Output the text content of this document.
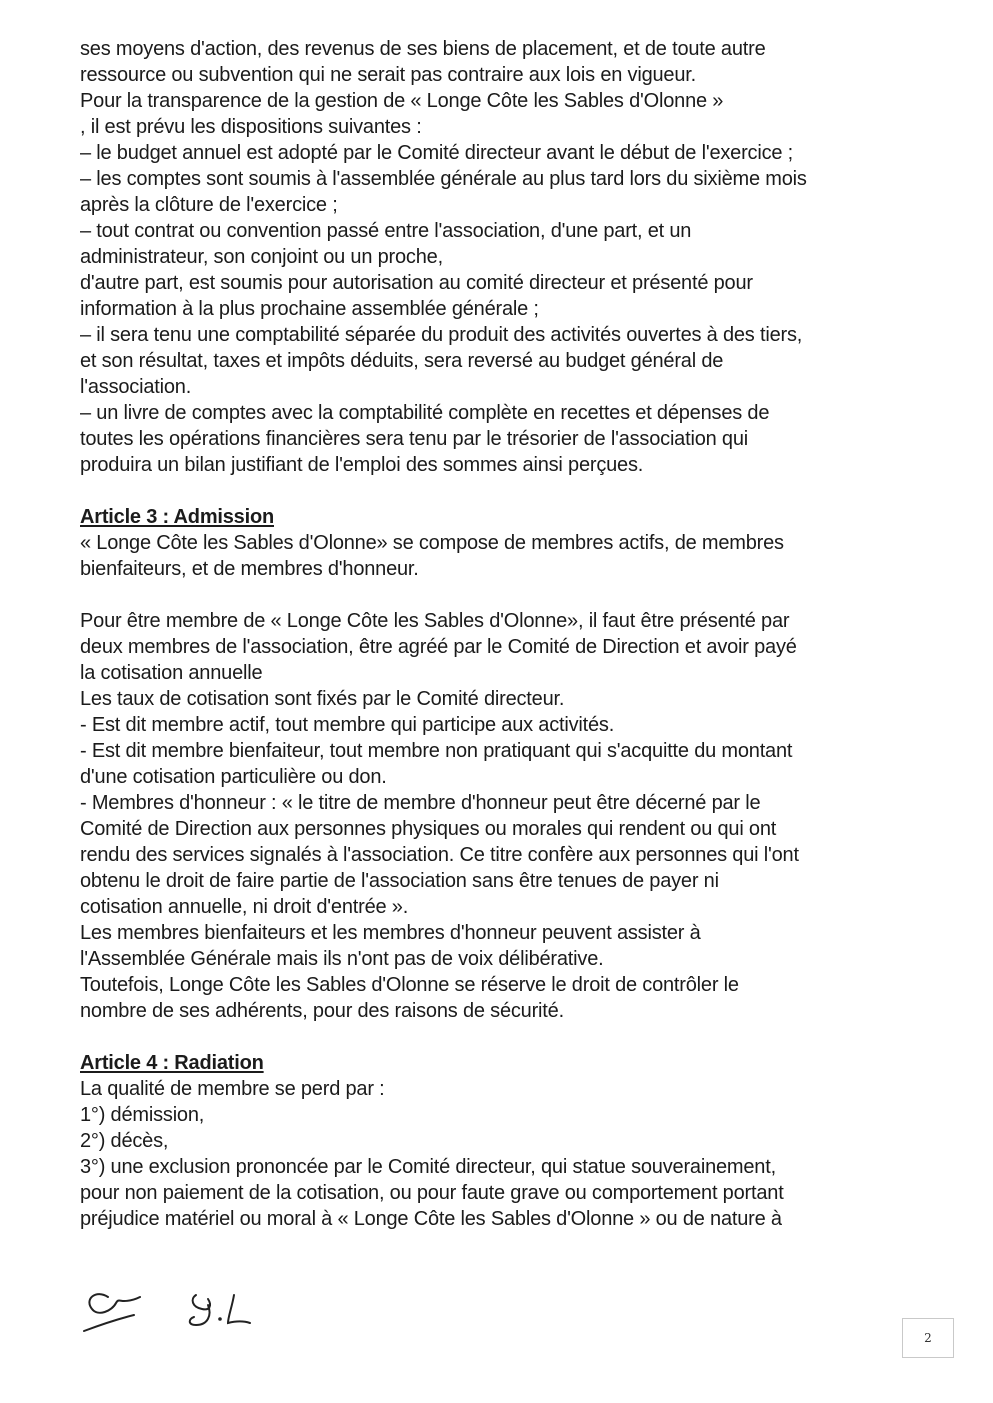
ses moyens d'action, des revenus de ses biens de placement, et de toute autre
ressource ou subvention qui ne serait pas contraire aux lois en vigueur.
Pour la transparence de la gestion de « Longe Côte les Sables d'Olonne »
, il est prévu les dispositions suivantes :
– le budget annuel est adopté par le Comité directeur avant le début de l'exercice ;
– les comptes sont soumis à l'assemblée générale au plus tard lors du sixième mois
après la clôture de l'exercice ;
– tout contrat ou convention passé entre l'association, d'une part, et un
administrateur, son conjoint ou un proche,
d'autre part, est soumis pour autorisation au comité directeur et présenté pour
information à la plus prochaine assemblée générale ;
– il sera tenu une comptabilité séparée du produit des activités ouvertes à des tiers,
et son résultat, taxes et impôts déduits, sera reversé au budget général de
l'association.
– un livre de comptes avec la comptabilité complète en recettes et dépenses de
toutes les opérations financières sera tenu par le trésorier de l'association qui
produira un bilan justifiant de l'emploi des sommes ainsi perçues.
Article 3 : Admission
« Longe Côte les Sables d'Olonne» se compose de membres actifs, de membres
bienfaiteurs, et de membres d'honneur.
Pour être membre de « Longe Côte les Sables d'Olonne», il faut être présenté par
deux membres de l'association, être agréé par le Comité de Direction et avoir payé
la cotisation annuelle
Les taux de cotisation sont fixés par le Comité directeur.
- Est dit membre actif, tout membre qui participe aux activités.
- Est dit membre bienfaiteur, tout membre non pratiquant qui s'acquitte du montant
d'une cotisation particulière ou don.
- Membres d'honneur : « le titre de membre d'honneur peut être décerné par le
Comité de Direction aux personnes physiques ou morales qui rendent ou qui ont
rendu des services signalés à l'association. Ce titre confère aux personnes qui l'ont
obtenu le droit de faire partie de l'association sans être tenues de payer ni
cotisation annuelle, ni droit d'entrée ».
Les membres bienfaiteurs et les membres d'honneur peuvent assister à
l'Assemblée Générale mais ils n'ont pas de voix délibérative.
Toutefois, Longe Côte les Sables d'Olonne se réserve le droit de contrôler le
nombre de ses adhérents, pour des raisons de sécurité.
Article 4 : Radiation
La qualité de membre se perd par :
1°) démission,
2°) décès,
3°) une exclusion prononcée par le Comité directeur, qui statue souverainement,
pour non paiement de la cotisation, ou pour faute grave ou comportement portant
préjudice matériel ou moral à « Longe Côte les Sables d'Olonne » ou de nature à
2
